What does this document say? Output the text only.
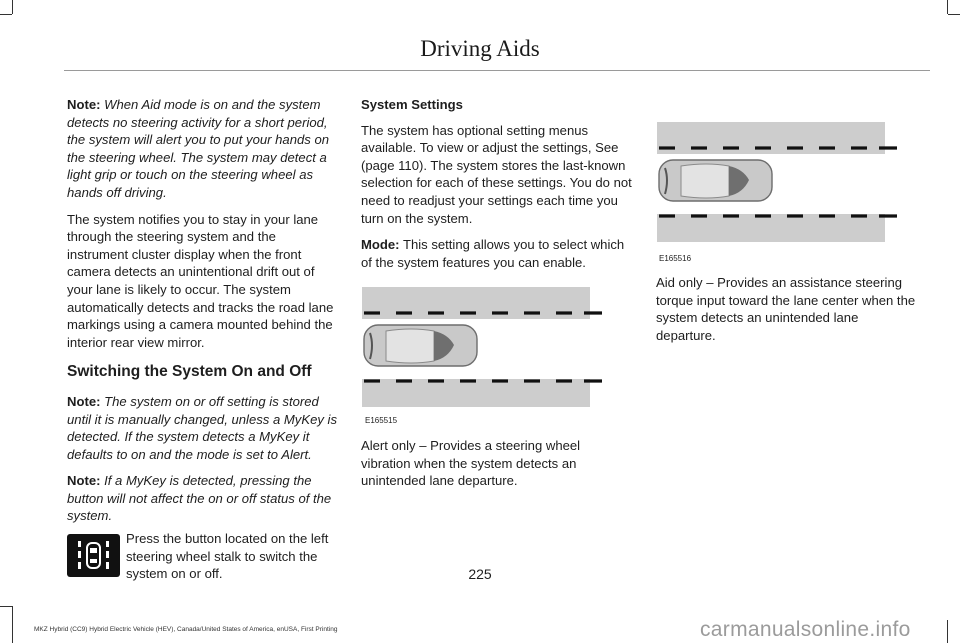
Driving Aids

Note: When Aid mode is on and the system detects no steering activity for a short period, the system will alert you to put your hands on the steering wheel. The system may detect a light grip or touch on the steering wheel as hands off driving.

The system notifies you to stay in your lane through the steering system and the instrument cluster display when the front camera detects an unintentional drift out of your lane is likely to occur. The system automatically detects and tracks the road lane markings using a camera mounted behind the interior rear view mirror.

Switching the System On and Off

Note: The system on or off setting is stored until it is manually changed, unless a MyKey is detected. If the system detects a MyKey it defaults to on and the mode is set to Alert.

Note: If a MyKey is detected, pressing the button will not affect the on or off status of the system.

Press the button located on the left steering wheel stalk to switch the system on or off.
System Settings

The system has optional setting menus available. To view or adjust the settings, See (page 110). The system stores the last-known selection for each of these settings. You do not need to readjust your settings each time you turn on the system.

Mode: This setting allows you to select which of the system features you can enable.

E165515

Alert only – Provides a steering wheel vibration when the system detects an unintended lane departure.

E165516

Aid only – Provides an assistance steering torque input toward the lane center when the system detects an unintended lane departure.

225
MKZ Hybrid (CC9) Hybrid Electric Vehicle (HEV), Canada/United States of America, enUSA, First Printing	carmanualsonline.info
